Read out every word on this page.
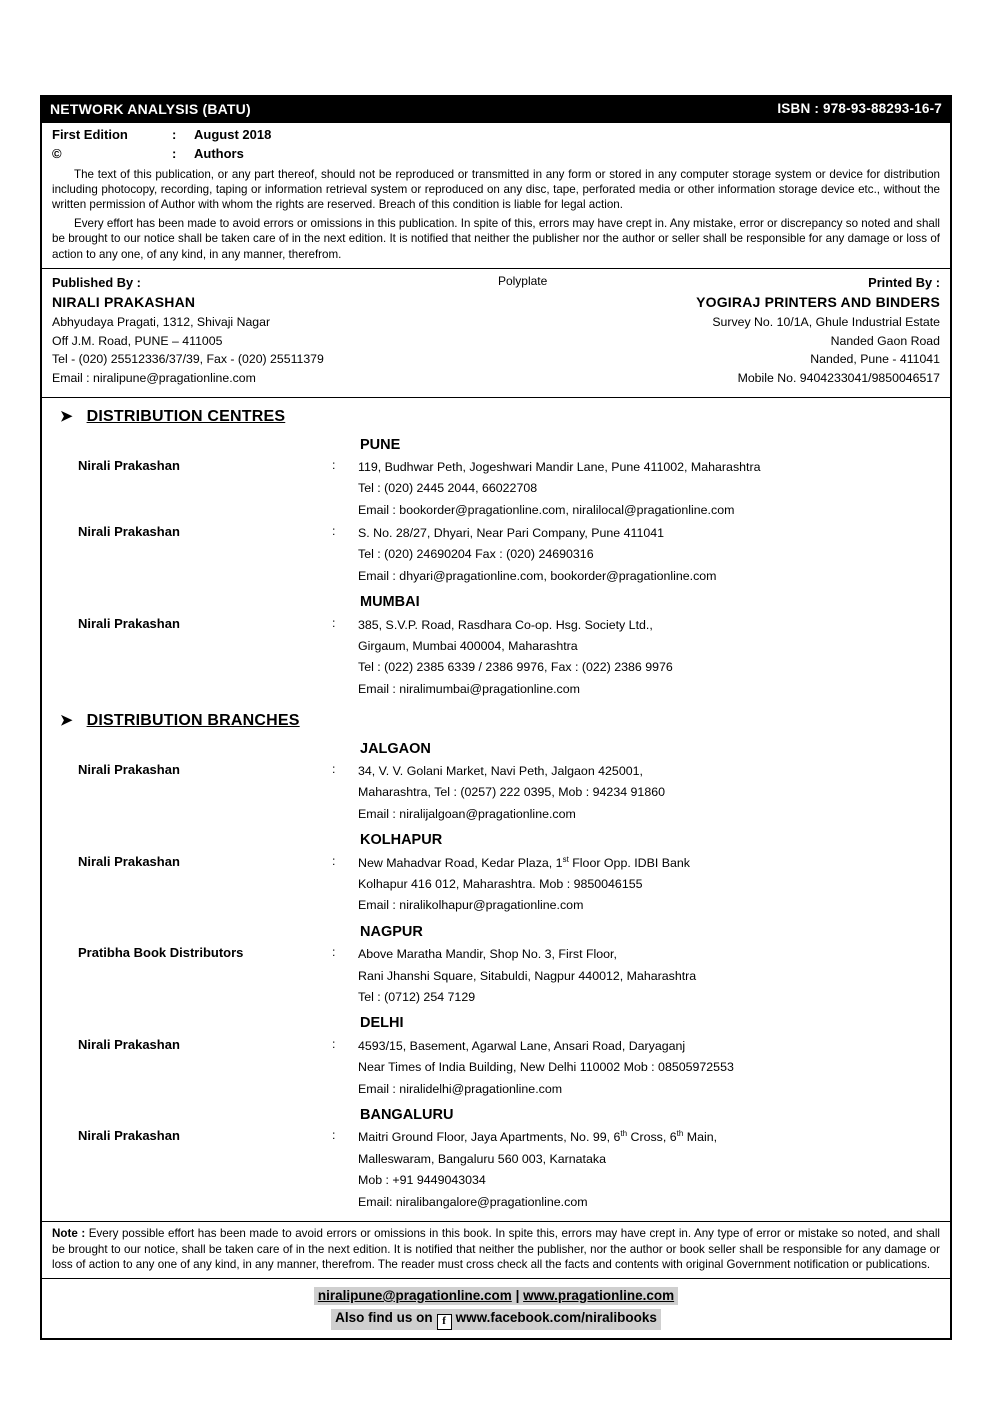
NETWORK ANALYSIS (BATU)	ISBN : 978-93-88293-16-7
First Edition	:	August 2018
©	:	Authors
The text of this publication, or any part thereof, should not be reproduced or transmitted in any form or stored in any computer storage system or device for distribution including photocopy, recording, taping or information retrieval system or reproduced on any disc, tape, perforated media or other information storage device etc., without the written permission of Author with whom the rights are reserved. Breach of this condition is liable for legal action.
Every effort has been made to avoid errors or omissions in this publication. In spite of this, errors may have crept in. Any mistake, error or discrepancy so noted and shall be brought to our notice shall be taken care of in the next edition. It is notified that neither the publisher nor the author or seller shall be responsible for any damage or loss of action to any one, of any kind, in any manner, therefrom.
Published By :
NIRALI PRAKASHAN
Abhyudaya Pragati, 1312, Shivaji Nagar
Off J.M. Road, PUNE – 411005
Tel - (020) 25512336/37/39, Fax - (020) 25511379
Email : niralipune@pragationline.com
Polyplate	Printed By :
YOGIRAJ PRINTERS AND BINDERS
Survey No. 10/1A, Ghule Industrial Estate
Nanded Gaon Road
Nanded, Pune - 411041
Mobile No. 9404233041/9850046517
➤ DISTRIBUTION CENTRES
PUNE
Nirali Prakashan	:	119, Budhwar Peth, Jogeshwari Mandir Lane, Pune 411002, Maharashtra
Tel : (020) 2445 2044, 66022708
Email : bookorder@pragationline.com, niralilocal@pragationline.com
Nirali Prakashan	:	S. No. 28/27, Dhyari, Near Pari Company, Pune 411041
Tel : (020) 24690204 Fax : (020) 24690316
Email : dhyari@pragationline.com, bookorder@pragationline.com
MUMBAI
Nirali Prakashan	:	385, S.V.P. Road, Rasdhara Co-op. Hsg. Society Ltd.,
Girgaum, Mumbai 400004, Maharashtra
Tel : (022) 2385 6339 / 2386 9976, Fax : (022) 2386 9976
Email : niralimumbai@pragationline.com
➤ DISTRIBUTION BRANCHES
JALGAON
Nirali Prakashan	:	34, V. V. Golani Market, Navi Peth, Jalgaon 425001,
Maharashtra, Tel : (0257) 222 0395, Mob : 94234 91860
Email : niralijalgoan@pragationline.com
KOLHAPUR
Nirali Prakashan	:	New Mahadvar Road, Kedar Plaza, 1st Floor Opp. IDBI Bank
Kolhapur 416 012, Maharashtra. Mob : 9850046155
Email : niralikolhapur@pragationline.com
NAGPUR
Pratibha Book Distributors	:	Above Maratha Mandir, Shop No. 3, First Floor,
Rani Jhanshi Square, Sitabuldi, Nagpur 440012, Maharashtra
Tel : (0712) 254 7129
DELHI
Nirali Prakashan	:	4593/15, Basement, Agarwal Lane, Ansari Road, Daryaganj
Near Times of India Building, New Delhi 110002 Mob : 08505972553
Email : niralidelhi@pragationline.com
BANGALURU
Nirali Prakashan	:	Maitri Ground Floor, Jaya Apartments, No. 99, 6th Cross, 6th Main,
Malleswaram, Bangaluru 560 003, Karnataka
Mob : +91 9449043034
Email: niralibangalore@pragationline.com
Note : Every possible effort has been made to avoid errors or omissions in this book. In spite this, errors may have crept in. Any type of error or mistake so noted, and shall be brought to our notice, shall be taken care of in the next edition. It is notified that neither the publisher, nor the author or book seller shall be responsible for any damage or loss of action to any one of any kind, in any manner, therefrom. The reader must cross check all the facts and contents with original Government notification or publications.
niralipune@pragationline.com | www.pragationline.com
Also find us on f www.facebook.com/niralibooks
